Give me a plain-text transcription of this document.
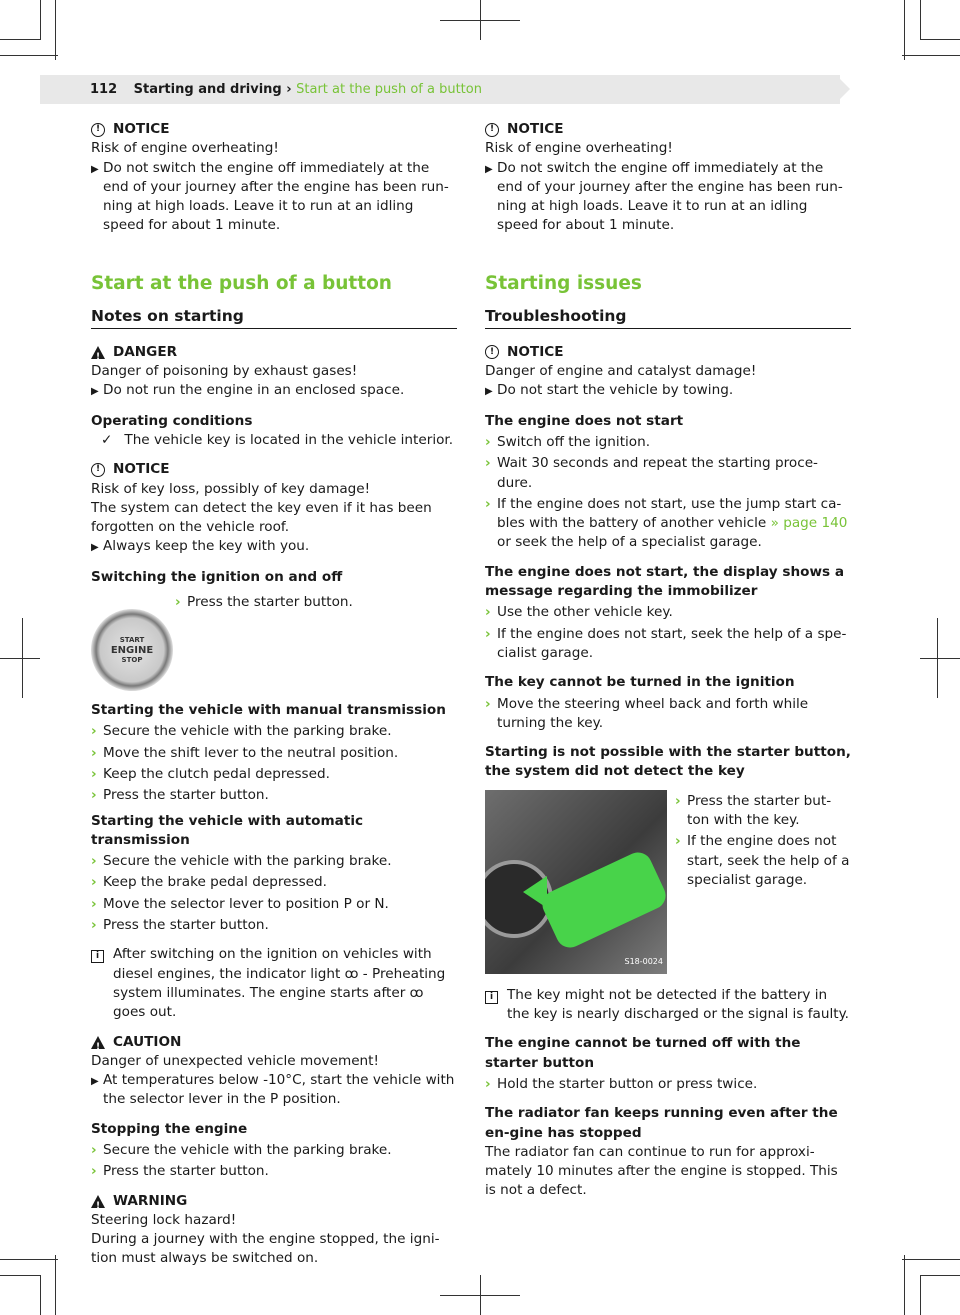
112 Starting and driving › Start at the push of a button
! NOTICE

Risk of engine overheating!

▶ Do not switch the engine off immediately at the end of your journey after the engine has been run-ning at high loads. Leave it to run at an idling speed for about 1 minute.
Start at the push of a button
Notes on starting
!
DANGER

Danger of poisoning by exhaust gases!

▶ Do not run the engine in an enclosed space.

Operating conditions

✓ The vehicle key is located in the vehicle interior.
! NOTICE

Risk of key loss, possibly of key damage!

The system can detect the key even if it has been forgotten on the vehicle roof.

▶ Always keep the key with you.

Switching the ignition on and off

START
ENGINE
STOP
› Press the starter button.

Starting the vehicle with manual transmission

› Secure the vehicle with the parking brake.
› Move the shift lever to the neutral position.
› Keep the clutch pedal depressed.
› Press the starter button.

Starting the vehicle with automatic transmission

› Secure the vehicle with the parking brake.
› Keep the brake pedal depressed.
› Move the selector lever to position P or N.
› Press the starter button.
i	After switching on the ignition on vehicles with diesel engines, the indicator light ꝏ - Preheating system illuminates. The engine starts after ꝏ goes out.
!
CAUTION

Danger of unexpected vehicle movement!

▶ At temperatures below -10°C, start the vehicle with the selector lever in the P position.

Stopping the engine

› Secure the vehicle with the parking brake.
› Press the starter button.
!
WARNING

Steering lock hazard!

During a journey with the engine stopped, the igni-tion must always be switched on.

! NOTICE

Risk of engine overheating!

▶ Do not switch the engine off immediately at the end of your journey after the engine has been run-ning at high loads. Leave it to run at an idling speed for about 1 minute.
Starting issues
Troubleshooting
! NOTICE

Danger of engine and catalyst damage!

▶ Do not start the vehicle by towing.

The engine does not start

› Switch off the ignition.
› Wait 30 seconds and repeat the starting proce-dure.
› If the engine does not start, use the jump start ca-bles with the battery of another vehicle » page 140 or seek the help of a specialist garage.

The engine does not start, the display shows a message regarding the immobilizer

› Use the other vehicle key.
› If the engine does not start, seek the help of a spe-cialist garage.

The key cannot be turned in the ignition

› Move the steering wheel back and forth while turning the key.

Starting is not possible with the starter button, the system did not detect the key

S18-0024
› Press the starter but-ton with the key.
› If the engine does not start, seek the help of a specialist garage.
i	The key might not be detected if the battery in the key is nearly discharged or the signal is faulty.

The engine cannot be turned off with the starter button

› Hold the starter button or press twice.

The radiator fan keeps running even after the en-gine has stopped

The radiator fan can continue to run for approxi-mately 10 minutes after the engine is stopped. This is not a defect.
